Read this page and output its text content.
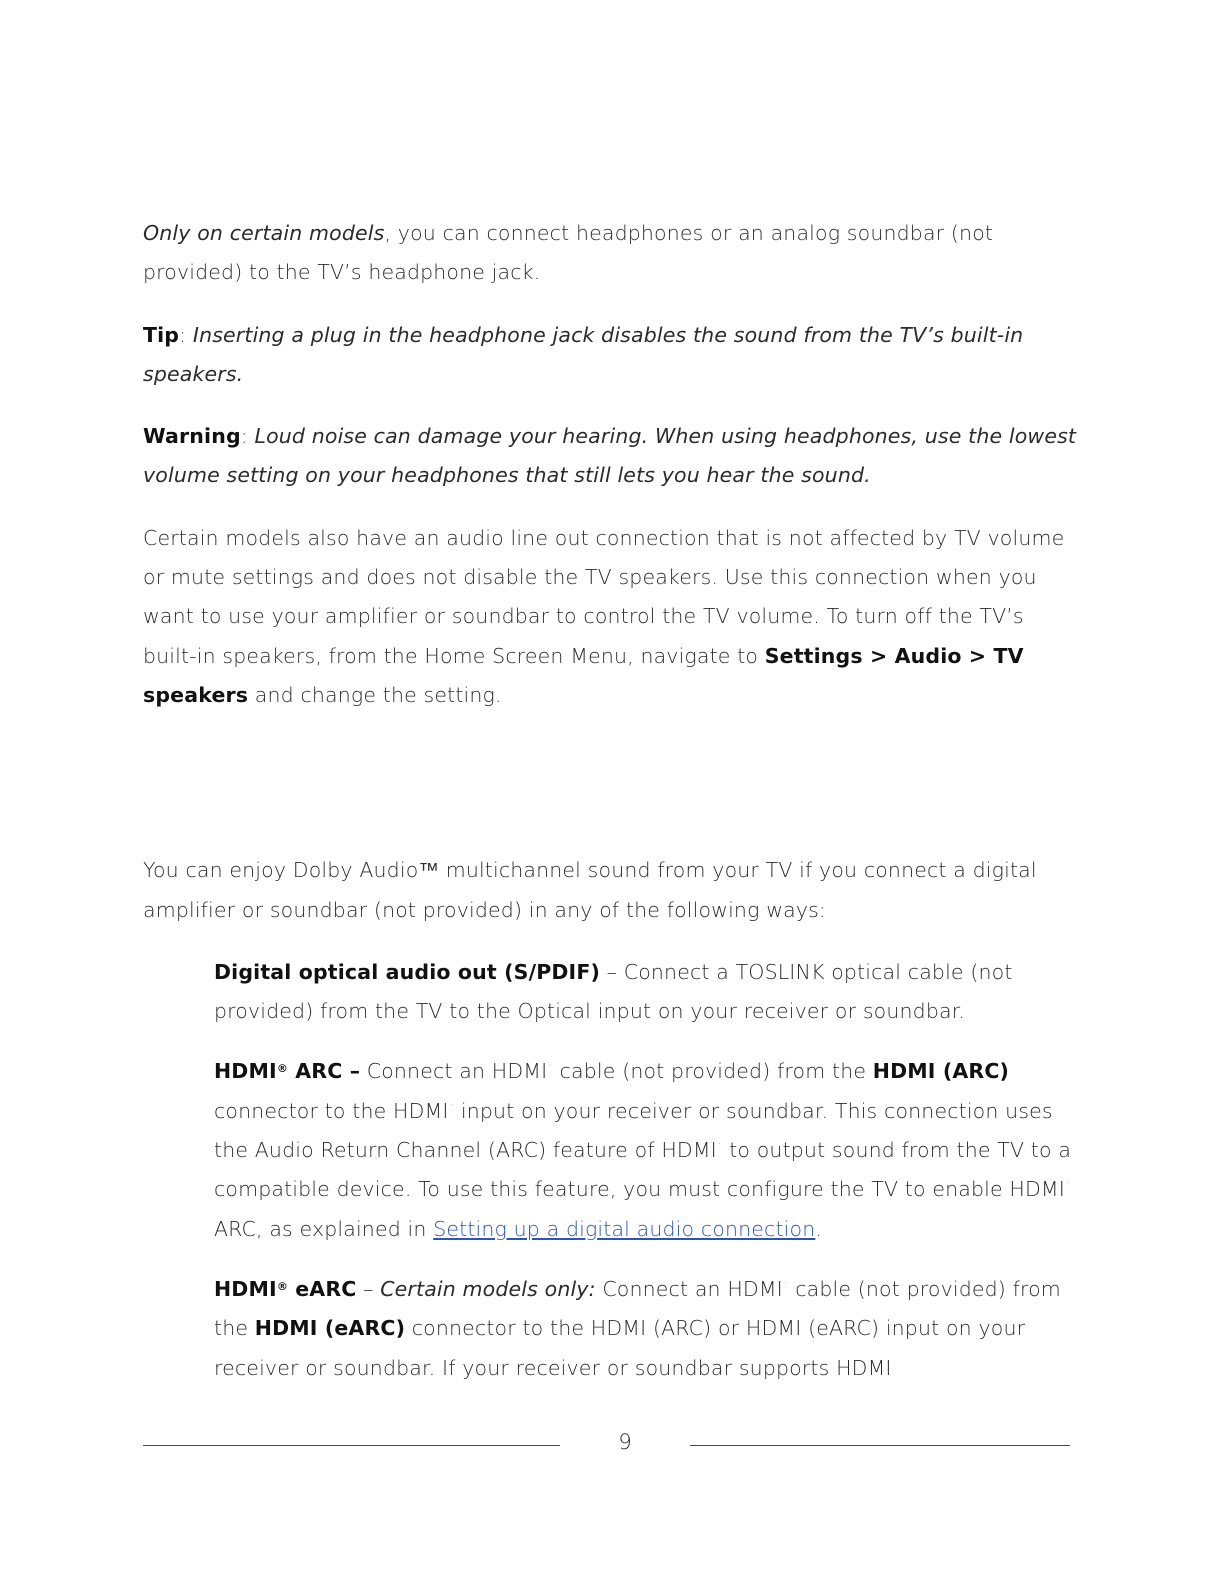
Only on certain models, you can connect headphones or an analog soundbar (not provided) to the TV’s headphone jack.

Tip: Inserting a plug in the headphone jack disables the sound from the TV’s built-in speakers.

Warning: Loud noise can damage your hearing. When using headphones, use the lowest volume setting on your headphones that still lets you hear the sound.

Certain models also have an audio line out connection that is not affected by TV volume or mute settings and does not disable the TV speakers. Use this connection when you want to use your amplifier or soundbar to control the TV volume. To turn off the TV’s built-in speakers, from the Home Screen Menu, navigate to Settings > Audio > TV speakers and change the setting.

You can enjoy Dolby Audio™ multichannel sound from your TV if you connect a digital amplifier or soundbar (not provided) in any of the following ways:

Digital optical audio out (S/PDIF) – Connect a TOSLINK optical cable (not provided) from the TV to the Optical input on your receiver or soundbar.

HDMI® ARC – Connect an HDMI˙ cable (not provided) from the HDMI (ARC) connector to the HDMI˙ input on your receiver or soundbar. This connection uses the Audio Return Channel (ARC) feature of HDMI˙ to output sound from the TV to a compatible device. To use this feature, you must configure the TV to enable HDMI˙ ARC, as explained in Setting up a digital audio connection.

HDMI® eARC – Certain models only: Connect an HDMI˙ cable (not provided) from the HDMI (eARC) connector to the HDMI (ARC) or HDMI (eARC) input on your receiver or soundbar. If your receiver or soundbar supports HDMI

9
